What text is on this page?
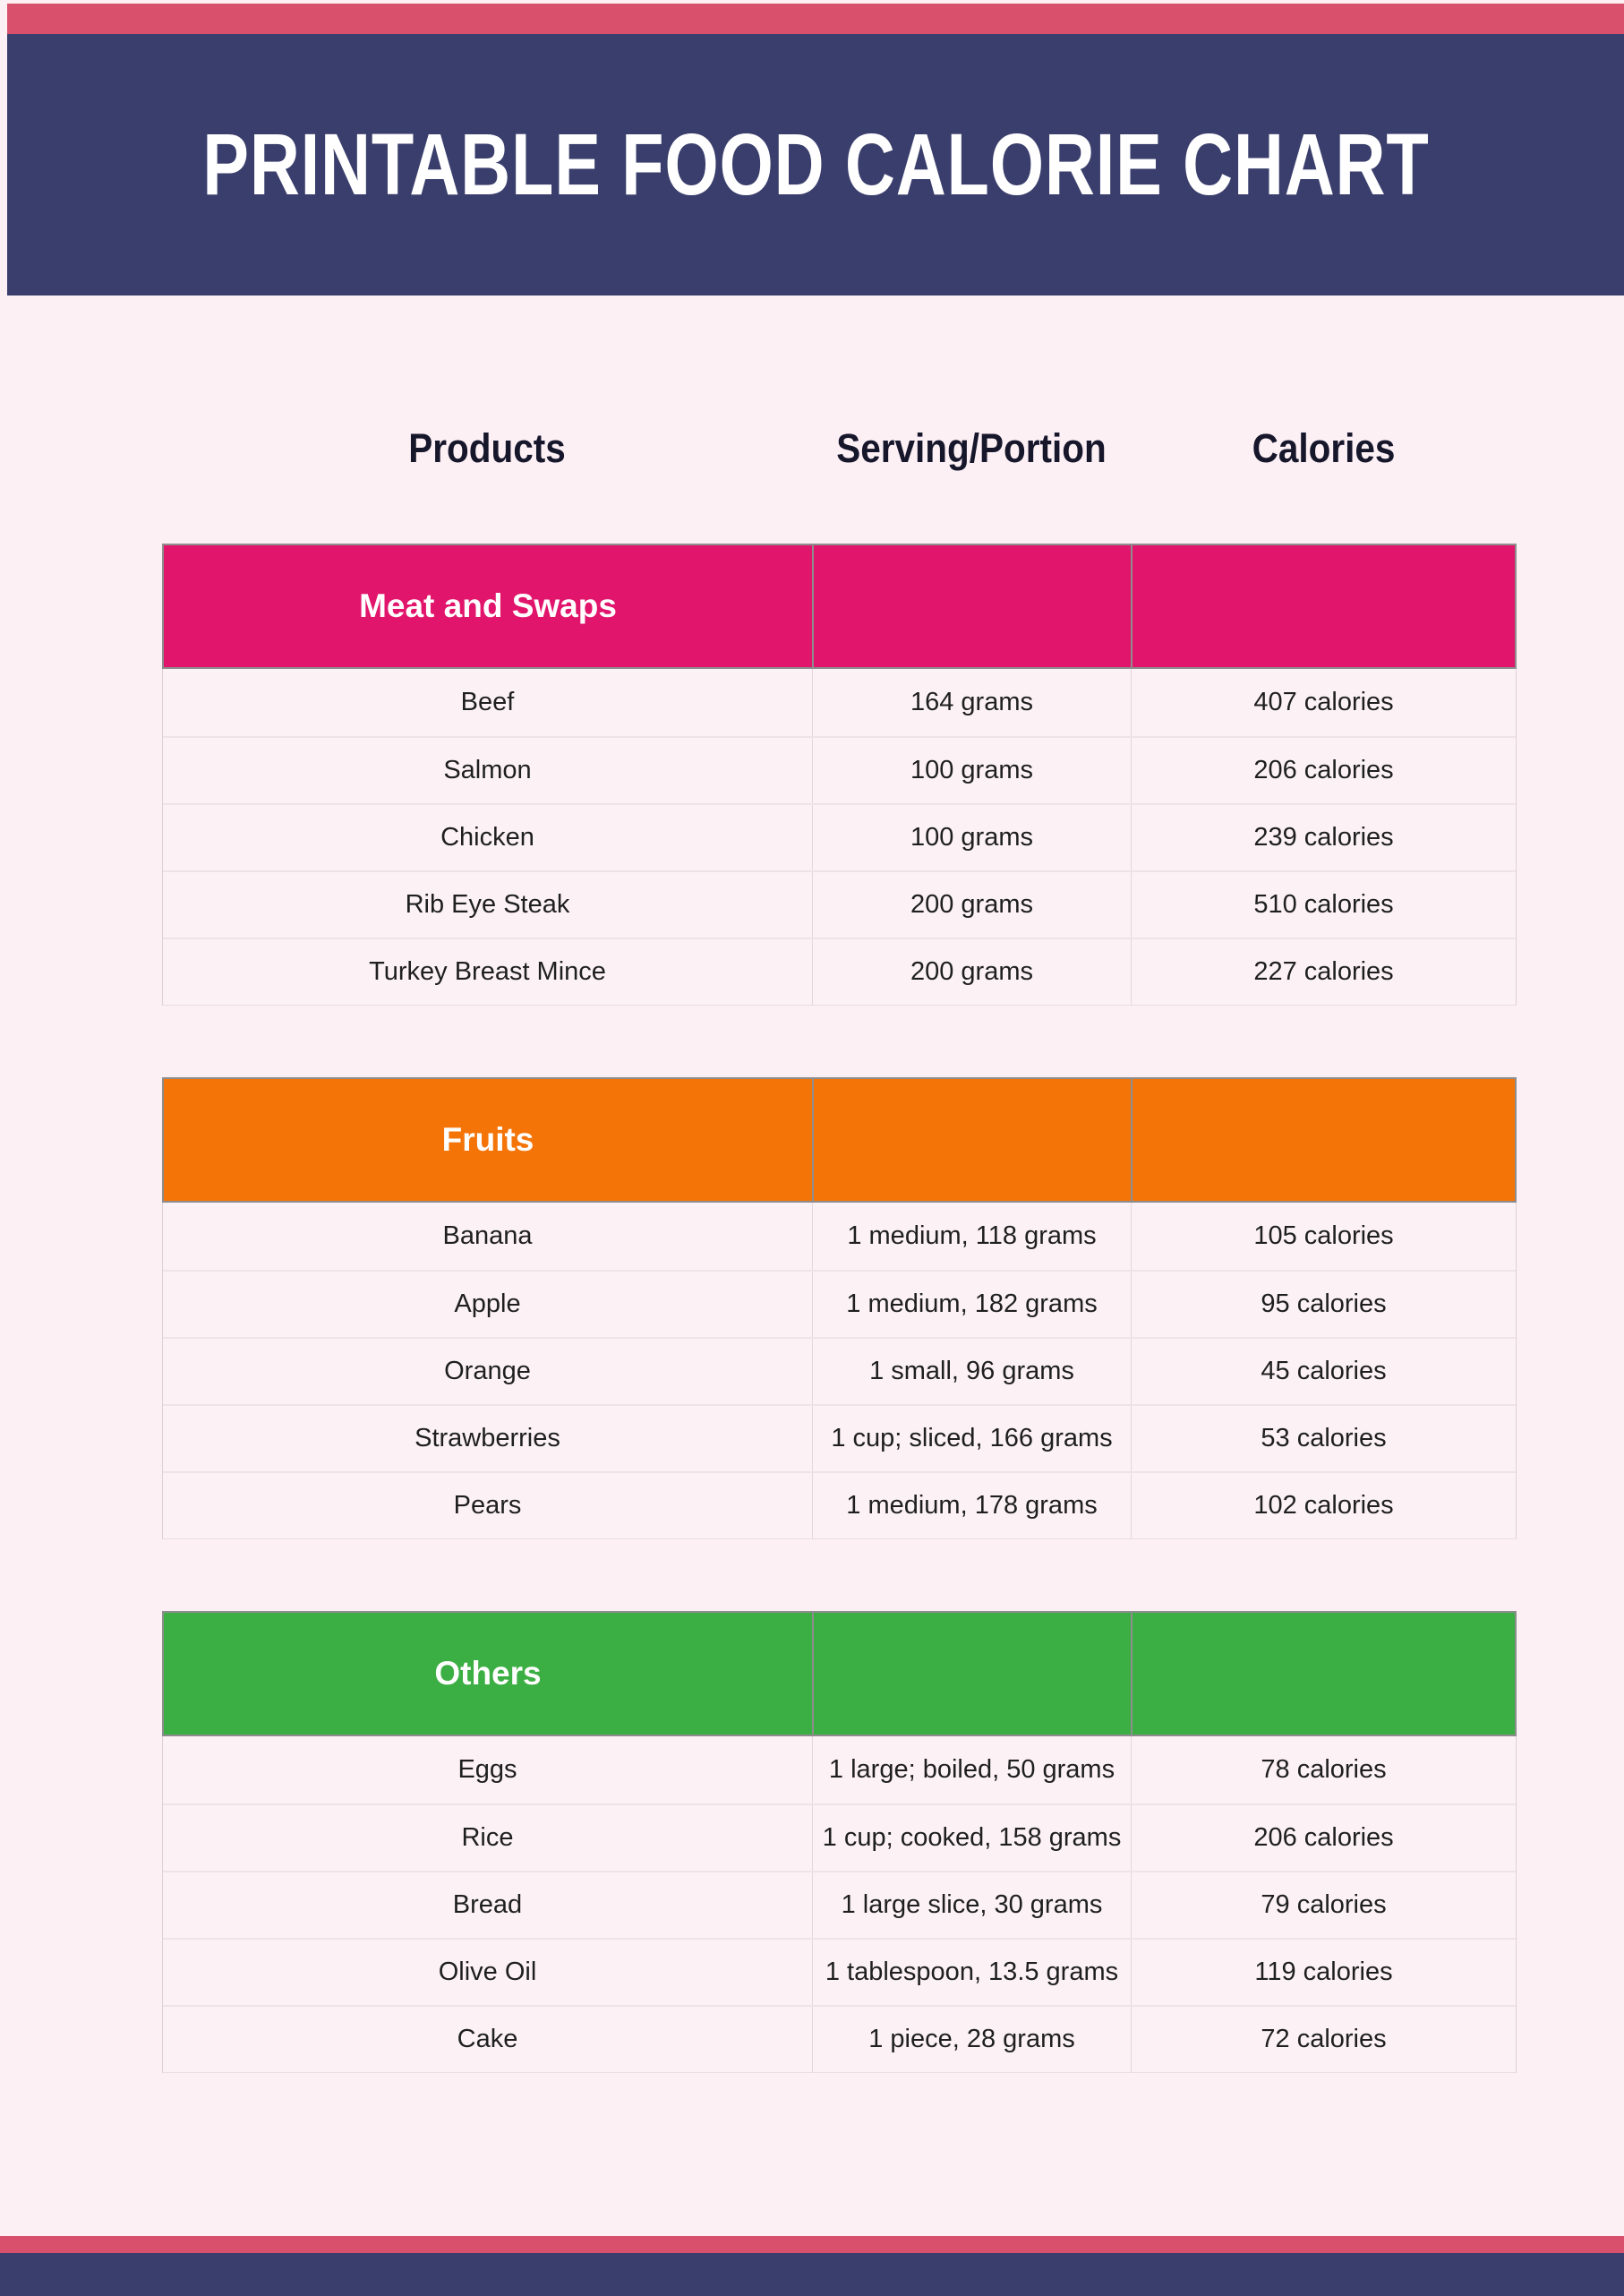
PRINTABLE FOOD CALORIE CHART
Products	Serving/Portion	Calories
Meat and Swaps
Beef	164 grams	407 calories
Salmon	100 grams	206 calories
Chicken	100 grams	239 calories
Rib Eye Steak	200 grams	510 calories
Turkey Breast Mince	200 grams	227 calories
Fruits
Banana	1 medium, 118 grams	105 calories
Apple	1 medium, 182 grams	95 calories
Orange	1 small, 96 grams	45 calories
Strawberries	1 cup; sliced, 166 grams	53 calories
Pears	1 medium, 178 grams	102 calories
Others
Eggs	1 large; boiled, 50 grams	78 calories
Rice	1 cup; cooked, 158 grams	206 calories
Bread	1 large slice, 30 grams	79 calories
Olive Oil	1 tablespoon, 13.5 grams	119 calories
Cake	1 piece, 28 grams	72 calories
